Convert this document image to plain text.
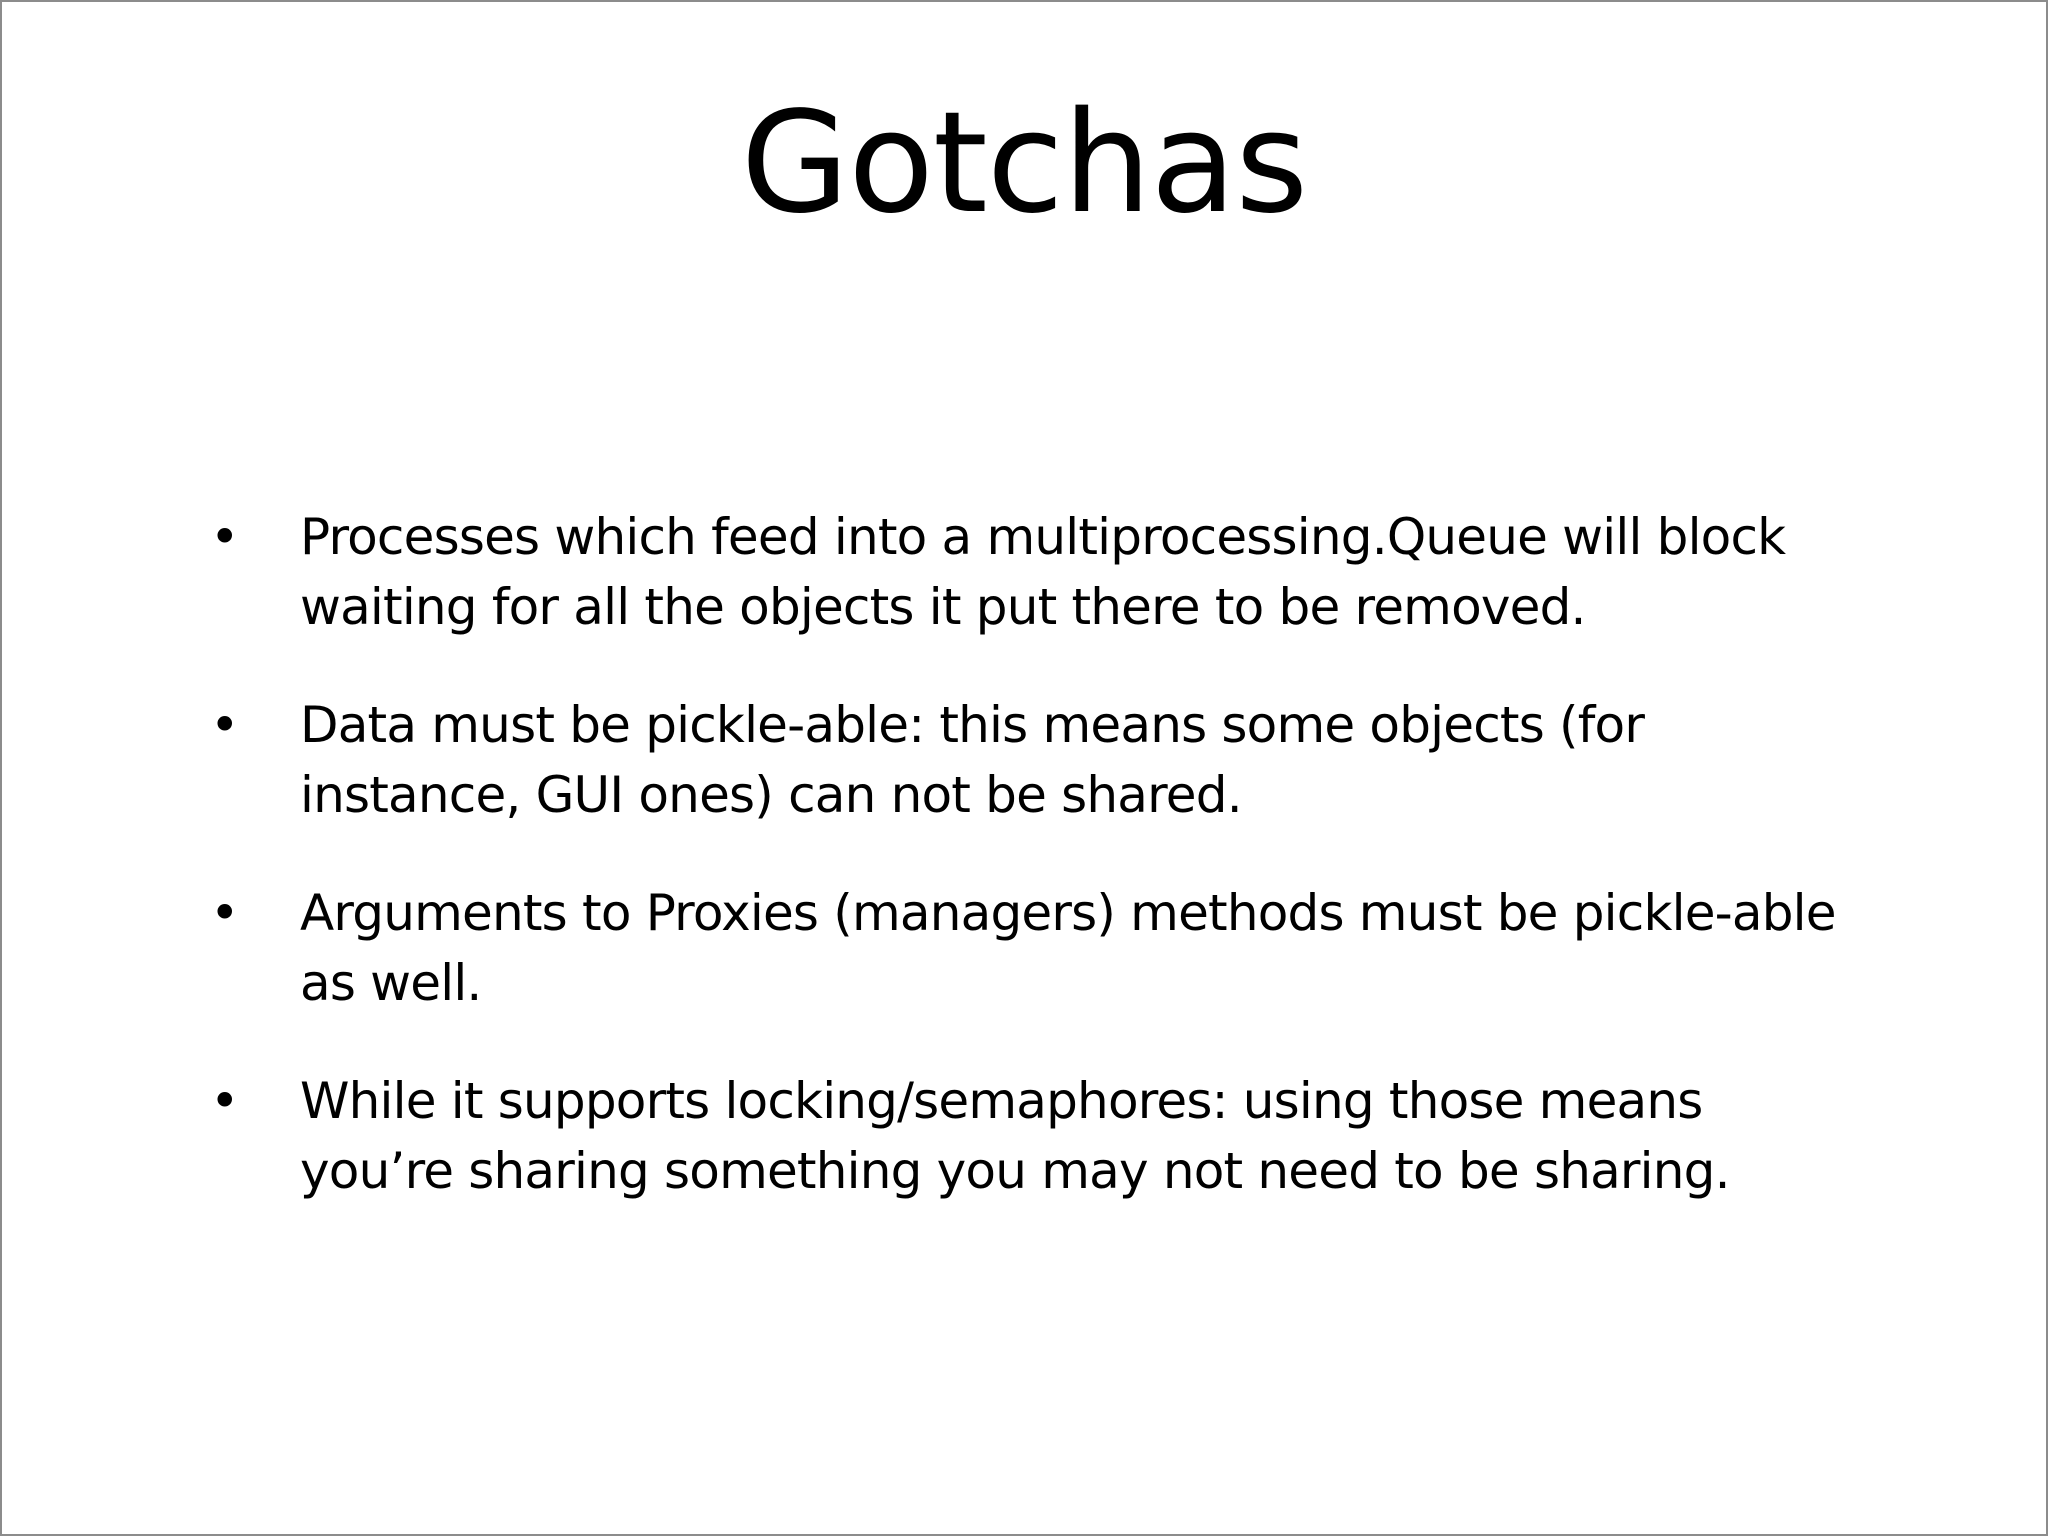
Gotchas
• Processes which feed into a multiprocessing.Queue will block waiting for all the objects it put there to be removed.
• Data must be pickle-able: this means some objects (for instance, GUI ones) can not be shared.
• Arguments to Proxies (managers) methods must be pickle-able as well.
• While it supports locking/semaphores: using those means you’re sharing something you may not need to be sharing.
